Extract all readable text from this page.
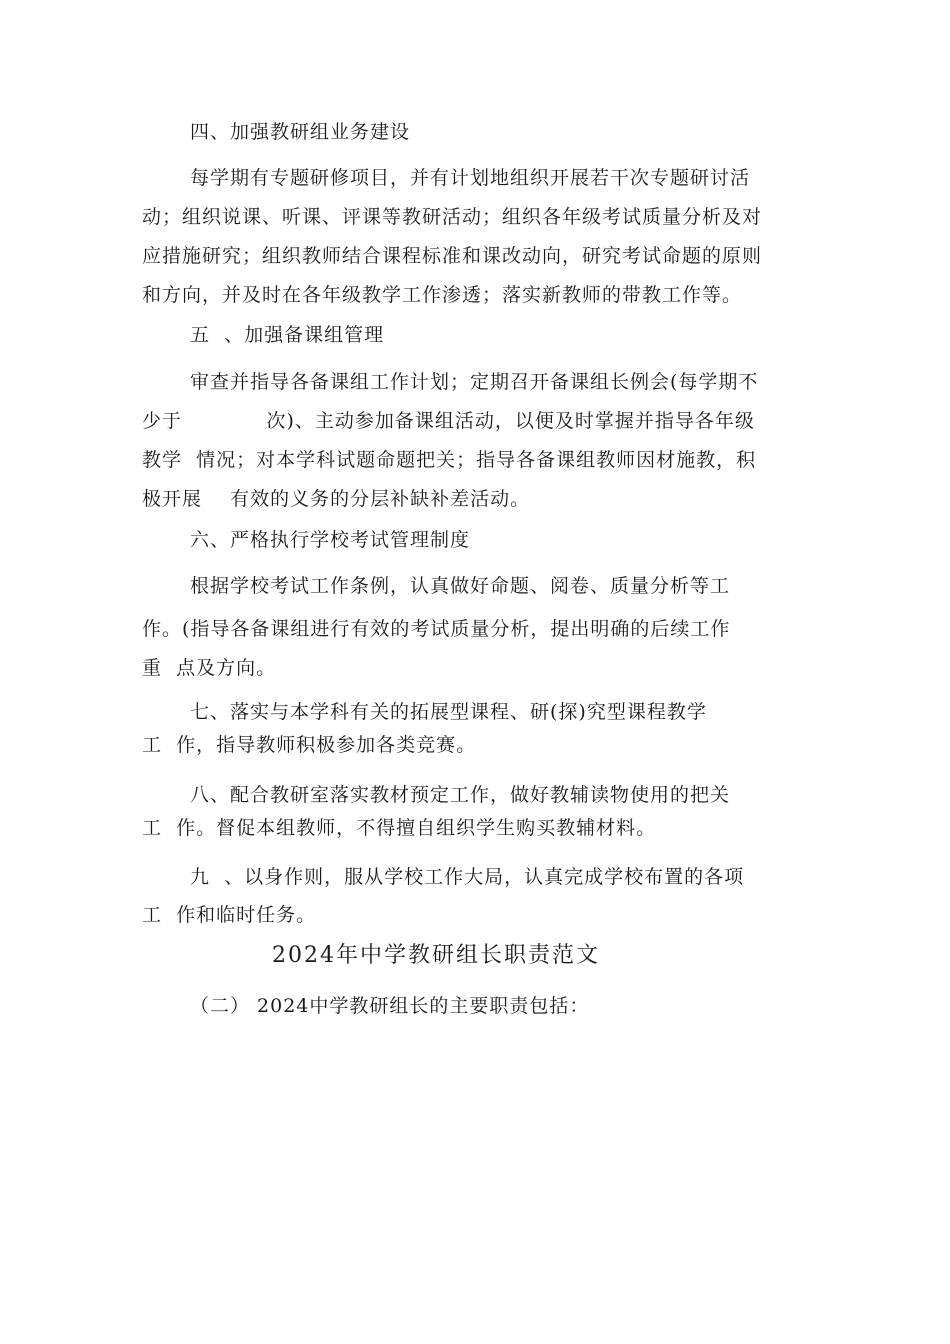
四、加强教研组业务建设
每学期有专题研修项目，并有计划地组织开展若干次专题研讨活
动；组织说课、听课、评课等教研活动；组织各年级考试质量分析及对
应措施研究；组织教师结合课程标准和课改动向，研究考试命题的原则
和方向，并及时在各年级教学工作渗透；落实新教师的带教工作等。
五  、加强备课组管理
审查并指导各备课组工作计划；定期召开备课组长例会(每学期不
少于            次)、主动参加备课组活动，以便及时掌握并指导各年级
教学  情况；对本学科试题命题把关；指导各备课组教师因材施教，积
极开展    有效的义务的分层补缺补差活动。
六、严格执行学校考试管理制度
根据学校考试工作条例，认真做好命题、阅卷、质量分析等工
作。(指导各备课组进行有效的考试质量分析，提出明确的后续工作
重  点及方向。
七、落实与本学科有关的拓展型课程、研(探)究型课程教学
工  作，指导教师积极参加各类竞赛。
八、配合教研室落实教材预定工作，做好教辅读物使用的把关
工  作。督促本组教师，不得擅自组织学生购买教辅材料。
九  、以身作则，服从学校工作大局，认真完成学校布置的各项
工  作和临时任务。
2024年中学教研组长职责范文
（二） 2024中学教研组长的主要职责包括：
